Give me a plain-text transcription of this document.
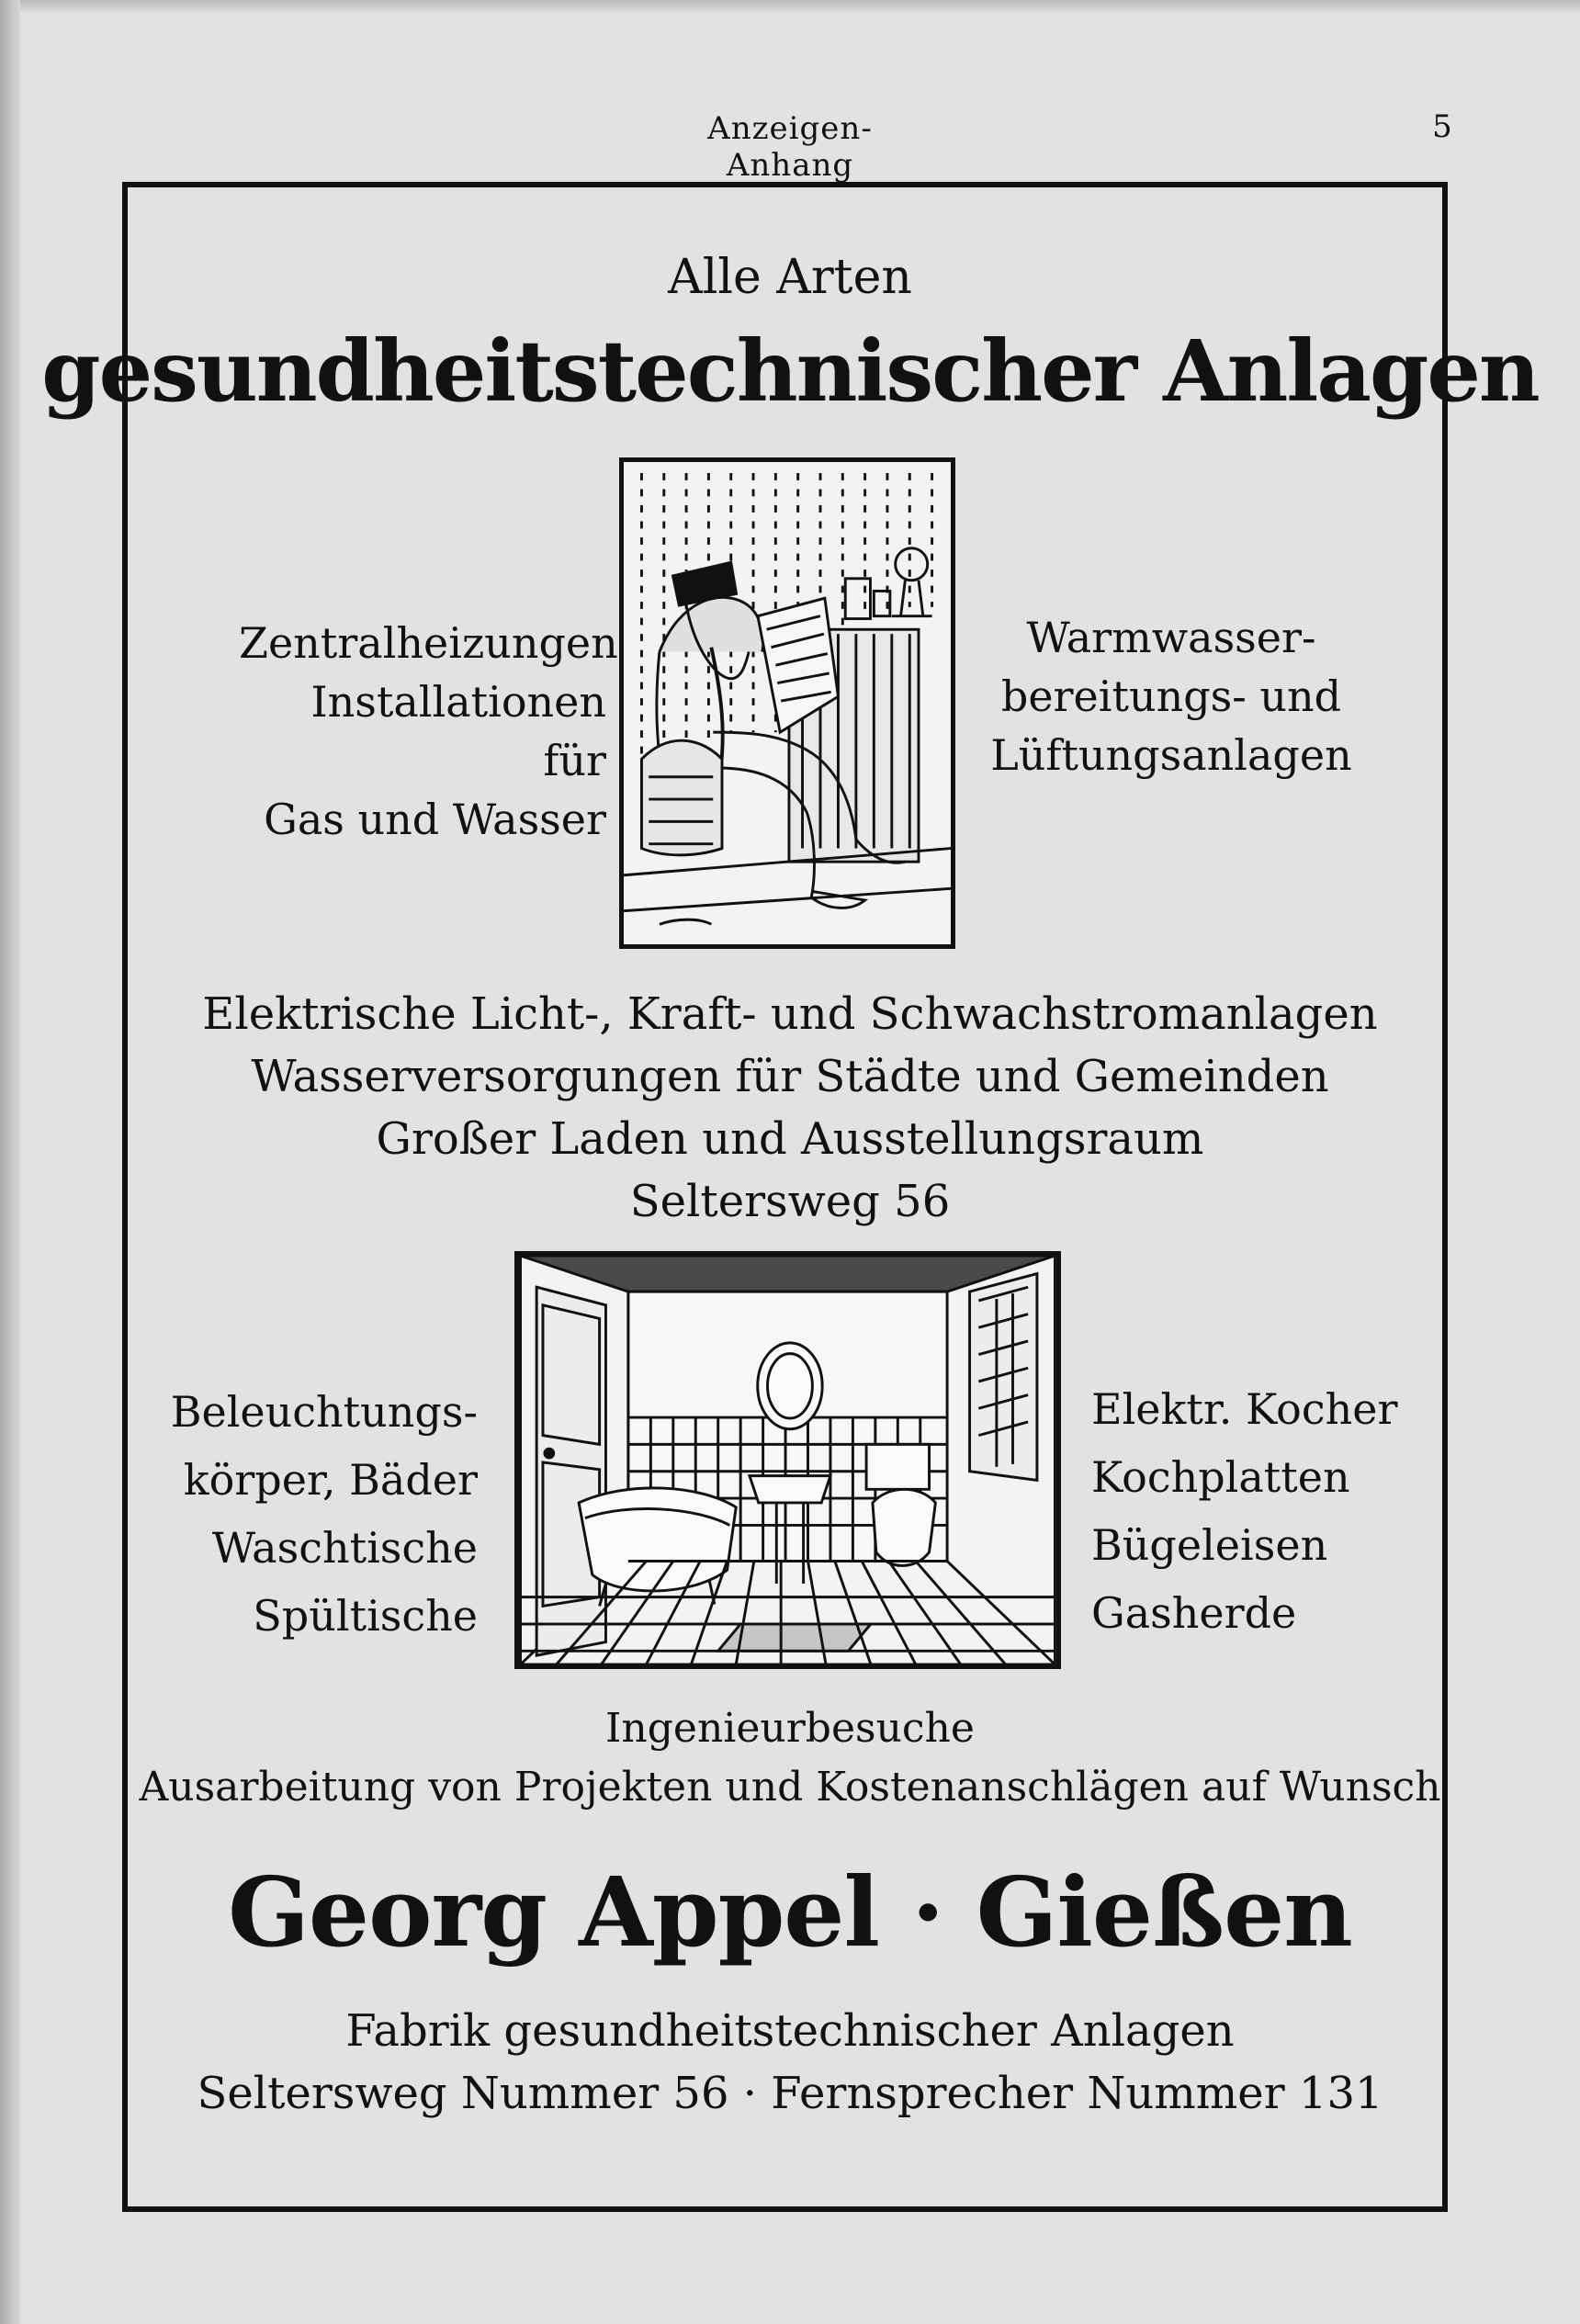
Anzeigen-Anhang
5
Alle Arten
gesundheitstechnischer Anlagen
Zentralheizungen
Installationen für
Gas und Wasser
Warmwasser-
bereitungs- und
Lüftungsanlagen
Elektrische Licht-, Kraft- und Schwachstromanlagen
Wasserversorgungen für Städte und Gemeinden
Großer Laden und Ausstellungsraum
Seltersweg 56
Beleuchtungs-
körper, Bäder
Waschtische
Spültische
Elektr. Kocher
Kochplatten
Bügeleisen
Gasherde
Ingenieurbesuche
Ausarbeitung von Projekten und Kostenanschlägen auf Wunsch
Georg Appel · Gießen
Fabrik gesundheitstechnischer Anlagen
Seltersweg Nummer 56 · Fernsprecher Nummer 131
